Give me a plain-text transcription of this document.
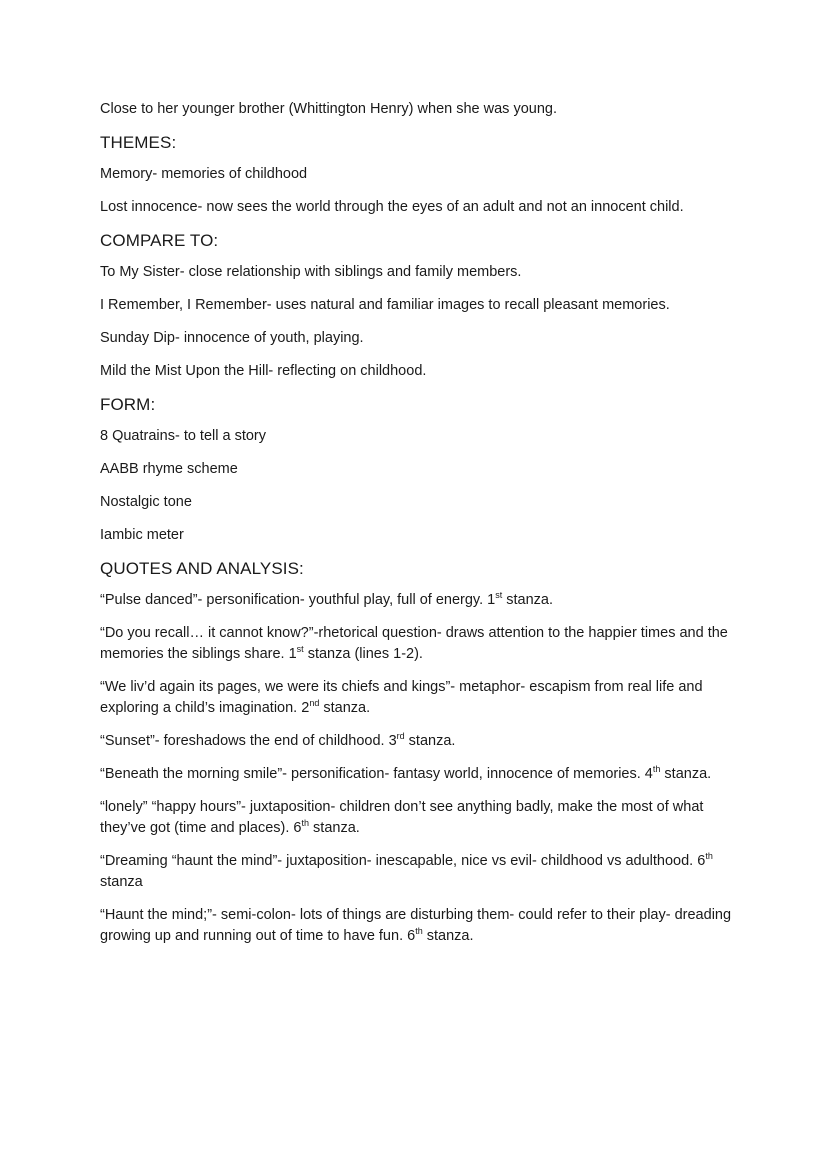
Close to her younger brother (Whittington Henry) when she was young.

THEMES:

Memory- memories of childhood

Lost innocence- now sees the world through the eyes of an adult and not an innocent child.

COMPARE TO:

To My Sister- close relationship with siblings and family members.

I Remember, I Remember- uses natural and familiar images to recall pleasant memories.

Sunday Dip- innocence of youth, playing.

Mild the Mist Upon the Hill- reflecting on childhood.

FORM:

8 Quatrains- to tell a story

AABB rhyme scheme

Nostalgic tone

Iambic meter

QUOTES AND ANALYSIS:

“Pulse danced”- personification- youthful play, full of energy. 1st stanza.

“Do you recall… it cannot know?”-rhetorical question- draws attention to the happier times and the memories the siblings share. 1st stanza (lines 1-2).

“We liv’d again its pages, we were its chiefs and kings”- metaphor- escapism from real life and exploring a child’s imagination. 2nd stanza.

“Sunset”- foreshadows the end of childhood. 3rd stanza.

“Beneath the morning smile”- personification- fantasy world, innocence of memories. 4th stanza.

“lonely” “happy hours”- juxtaposition- children don’t see anything badly, make the most of what they’ve got (time and places). 6th stanza.

“Dreaming “haunt the mind”- juxtaposition- inescapable, nice vs evil- childhood vs adulthood. 6th stanza

“Haunt the mind;”- semi-colon- lots of things are disturbing them- could refer to their play- dreading growing up and running out of time to have fun. 6th stanza.
